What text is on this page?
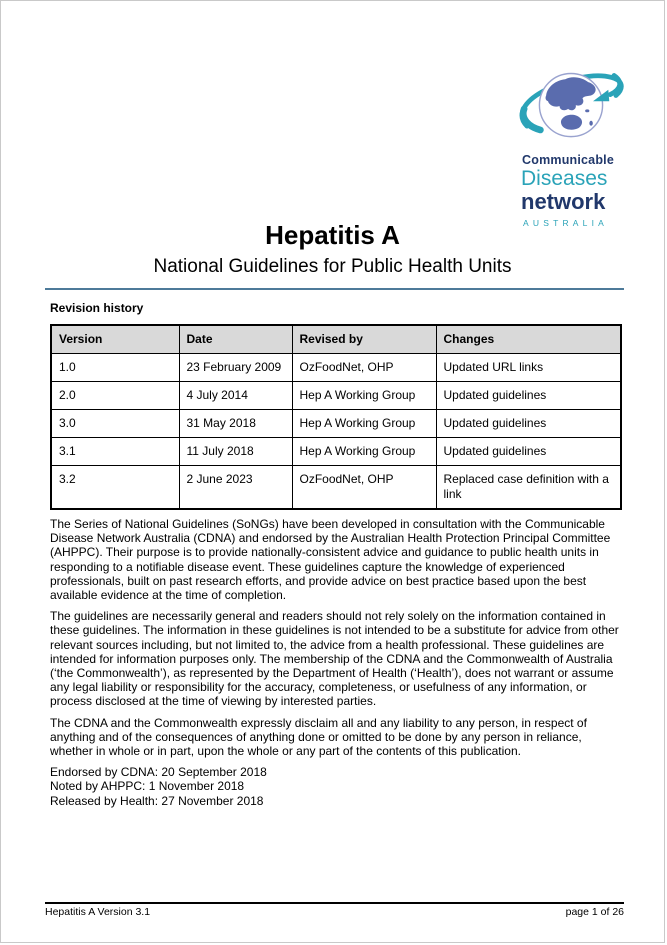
Communicable
Diseases
network
AUSTRALIA
Hepatitis A
National Guidelines for Public Health Units
Revision history
Version	Date	Revised by	Changes
1.0	23 February 2009	OzFoodNet, OHP	Updated URL links
2.0	4 July 2014	Hep A Working Group	Updated guidelines
3.0	31 May 2018	Hep A Working Group	Updated guidelines
3.1	11 July 2018	Hep A Working Group	Updated guidelines
3.2	2 June 2023	OzFoodNet, OHP	Replaced case definition with a link

The Series of National Guidelines (SoNGs) have been developed in consultation with the Communicable Disease Network Australia (CDNA) and endorsed by the Australian Health Protection Principal Committee (AHPPC). Their purpose is to provide nationally-consistent advice and guidance to public health units in responding to a notifiable disease event. These guidelines capture the knowledge of experienced professionals, built on past research efforts, and provide advice on best practice based upon the best available evidence at the time of completion.

The guidelines are necessarily general and readers should not rely solely on the information contained in these guidelines. The information in these guidelines is not intended to be a substitute for advice from other relevant sources including, but not limited to, the advice from a health professional. These guidelines are intended for information purposes only. The membership of the CDNA and the Commonwealth of Australia (‘the Commonwealth’), as represented by the Department of Health (‘Health’), does not warrant or assume any legal liability or responsibility for the accuracy, completeness, or usefulness of any information, or process disclosed at the time of viewing by interested parties.

The CDNA and the Commonwealth expressly disclaim all and any liability to any person, in respect of anything and of the consequences of anything done or omitted to be done by any person in reliance, whether in whole or in part, upon the whole or any part of the contents of this publication.

Endorsed by CDNA: 20 September 2018
Noted by AHPPC: 1 November 2018
Released by Health: 27 November 2018
Hepatitis A Version 3.1	page 1 of 26
